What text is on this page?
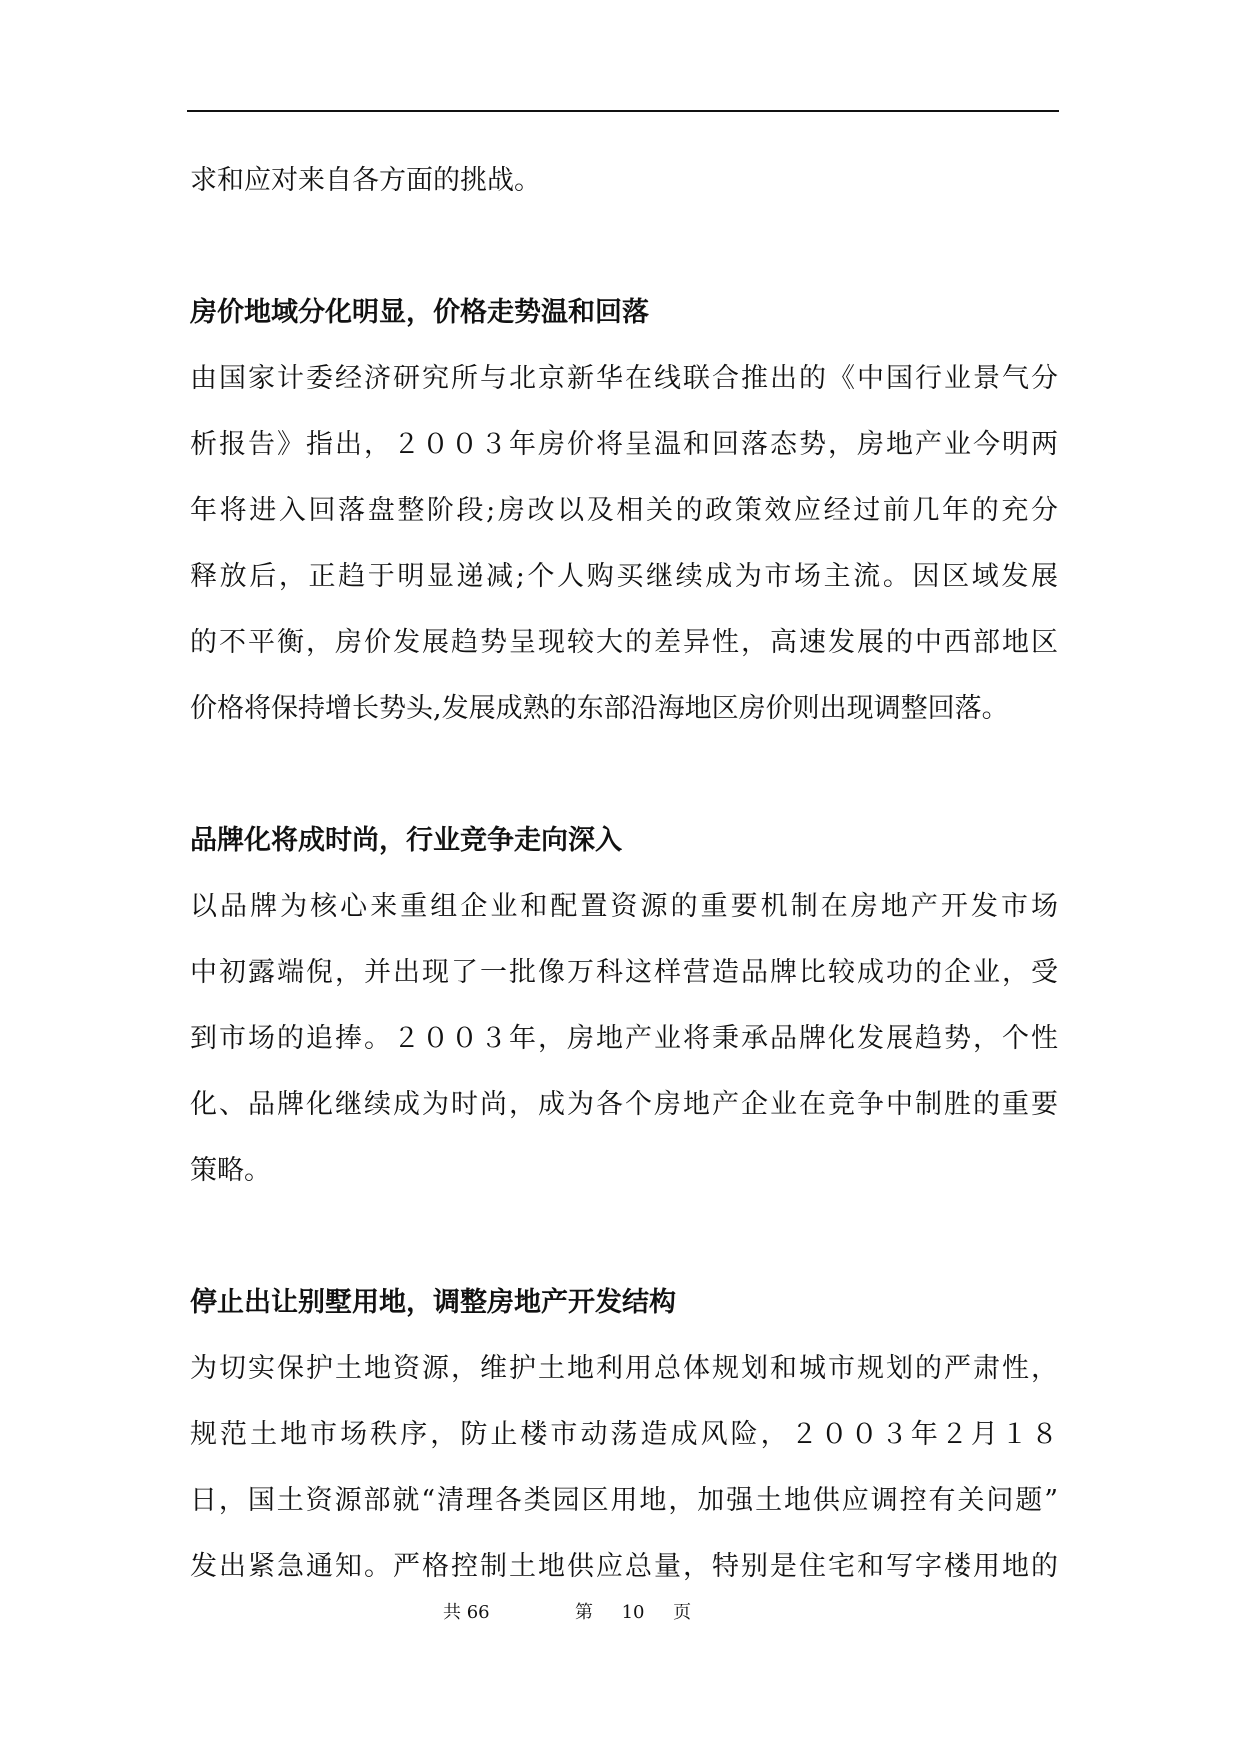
求和应对来自各方面的挑战。
房价地域分化明显，价格走势温和回落
由国家计委经济研究所与北京新华在线联合推出的《中国行业景气分
析报告》指出，２００３年房价将呈温和回落态势，房地产业今明两
年将进入回落盘整阶段;房改以及相关的政策效应经过前几年的充分
释放后，正趋于明显递减;个人购买继续成为市场主流。因区域发展
的不平衡，房价发展趋势呈现较大的差异性，高速发展的中西部地区
价格将保持增长势头,发展成熟的东部沿海地区房价则出现调整回落。
品牌化将成时尚，行业竞争走向深入
以品牌为核心来重组企业和配置资源的重要机制在房地产开发市场
中初露端倪，并出现了一批像万科这样营造品牌比较成功的企业，受
到市场的追捧。２００３年，房地产业将秉承品牌化发展趋势，个性
化、品牌化继续成为时尚，成为各个房地产企业在竞争中制胜的重要
策略。
停止出让别墅用地，调整房地产开发结构
为切实保护土地资源，维护土地利用总体规划和城市规划的严肃性，
规范土地市场秩序，防止楼市动荡造成风险，２００３年２月１８
日，国土资源部就“清理各类园区用地，加强土地供应调控有关问题”
发出紧急通知。严格控制土地供应总量，特别是住宅和写字楼用地的
共 66	第 10 页
